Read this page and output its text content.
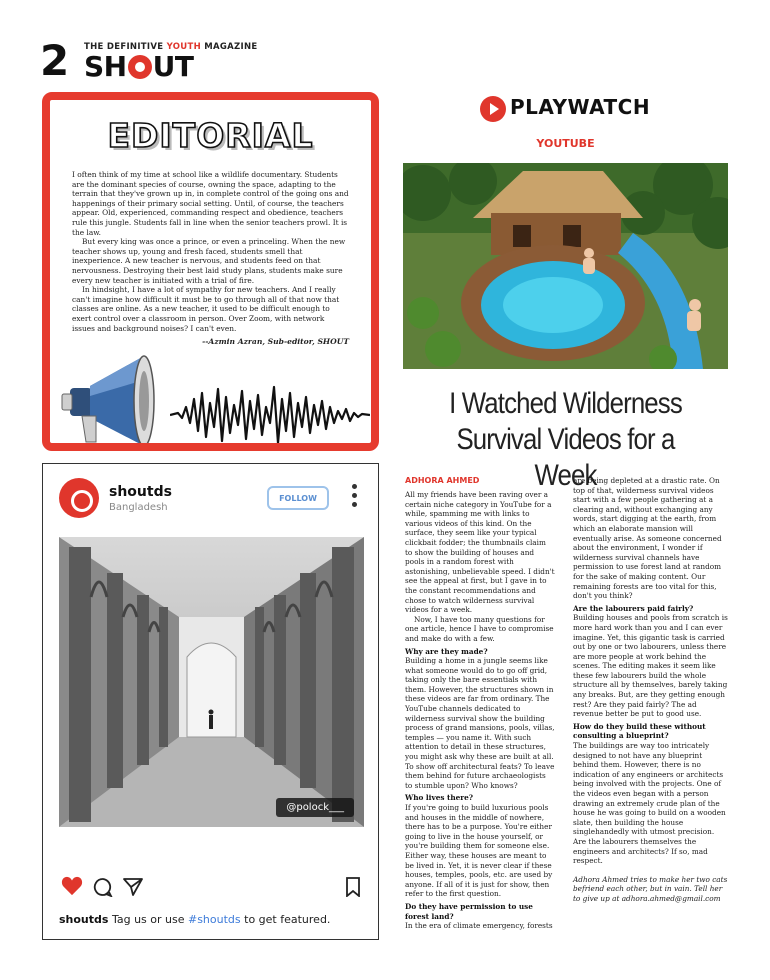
2 THE DEFINITIVE YOUTH MAGAZINE
SH UT
EDITORIAL

I often think of my time at school like a wildlife documentary. Students are the dominant species of course, owning the space, adapting to the terrain that they've grown up in, in complete control of the going ons and happenings of their primary social setting. Until, of course, the teachers appear. Old, experienced, commanding respect and obedience, teachers rule this jungle. Students fall in line when the senior teachers prowl. It is the law.

But every king was once a prince, or even a princeling. When the new teacher shows up, young and fresh faced, students smell that inexperience. A new teacher is nervous, and students feed on that nervousness. Destroying their best laid study plans, students make sure every new teacher is initiated with a trial of fire.

In hindsight, I have a lot of sympathy for new teachers. And I really can't imagine how difficult it must be to go through all of that now that classes are online. As a new teacher, it used to be difficult enough to exert control over a classroom in person. Over Zoom, with network issues and background noises? I can't even.

--Azmin Azran, Sub-editor, SHOUT
shoutds
Bangladesh
FOLLOW
@polock___
shoutds Tag us or use #shoutds to get featured.
PLAYWATCH
YOUTUBE
I Watched Wilderness
Survival Videos for a Week
ADHORA AHMED

All my friends have been raving over a certain niche category in YouTube for a while, spamming me with links to various videos of this kind. On the surface, they seem like your typical clickbait fodder; the thumbnails claim to show the building of houses and pools in a random forest with astonishing, unbelievable speed. I didn't see the appeal at first, but I gave in to the constant recommendations and chose to watch wilderness survival videos for a week.

Now, I have too many questions for one article, hence I have to compromise and make do with a few.

Why are they made?

Building a home in a jungle seems like what someone would do to go off grid, taking only the bare essentials with them. However, the structures shown in these videos are far from ordinary. The YouTube channels dedicated to wilderness survival show the building process of grand mansions, pools, villas, temples — you name it. With such attention to detail in these structures, you might ask why these are built at all. To show off architectural feats? To leave them behind for future archaeologists to stumble upon? Who knows?

Who lives there?

If you're going to build luxurious pools and houses in the middle of nowhere, there has to be a purpose. You're either going to live in the house yourself, or you're building them for someone else. Either way, these houses are meant to be lived in. Yet, it is never clear if these houses, temples, pools, etc. are used by anyone. If all of it is just for show, then refer to the first question.

Do they have permission to use forest land?

In the era of climate emergency, forests

are being depleted at a drastic rate. On top of that, wilderness survival videos start with a few people gathering at a clearing and, without exchanging any words, start digging at the earth, from which an elaborate mansion will eventually arise. As someone concerned about the environment, I wonder if wilderness survival channels have permission to use forest land at random for the sake of making content. Our remaining forests are too vital for this, don't you think?

Are the labourers paid fairly?

Building houses and pools from scratch is more hard work than you and I can ever imagine. Yet, this gigantic task is carried out by one or two labourers, unless there are more people at work behind the scenes. The editing makes it seem like these few labourers build the whole structure all by themselves, barely taking any breaks. But, are they getting enough rest? Are they paid fairly? The ad revenue better be put to good use.

How do they build these without consulting a blueprint?

The buildings are way too intricately designed to not have any blueprint behind them. However, there is no indication of any engineers or architects being involved with the projects. One of the videos even began with a person drawing an extremely crude plan of the house he was going to build on a wooden slate, then building the house singlehandedly with utmost precision. Are the labourers themselves the engineers and architects? If so, mad respect.

Adhora Ahmed tries to make her two cats befriend each other, but in vain. Tell her to give up at adhora.ahmed@gmail.com
